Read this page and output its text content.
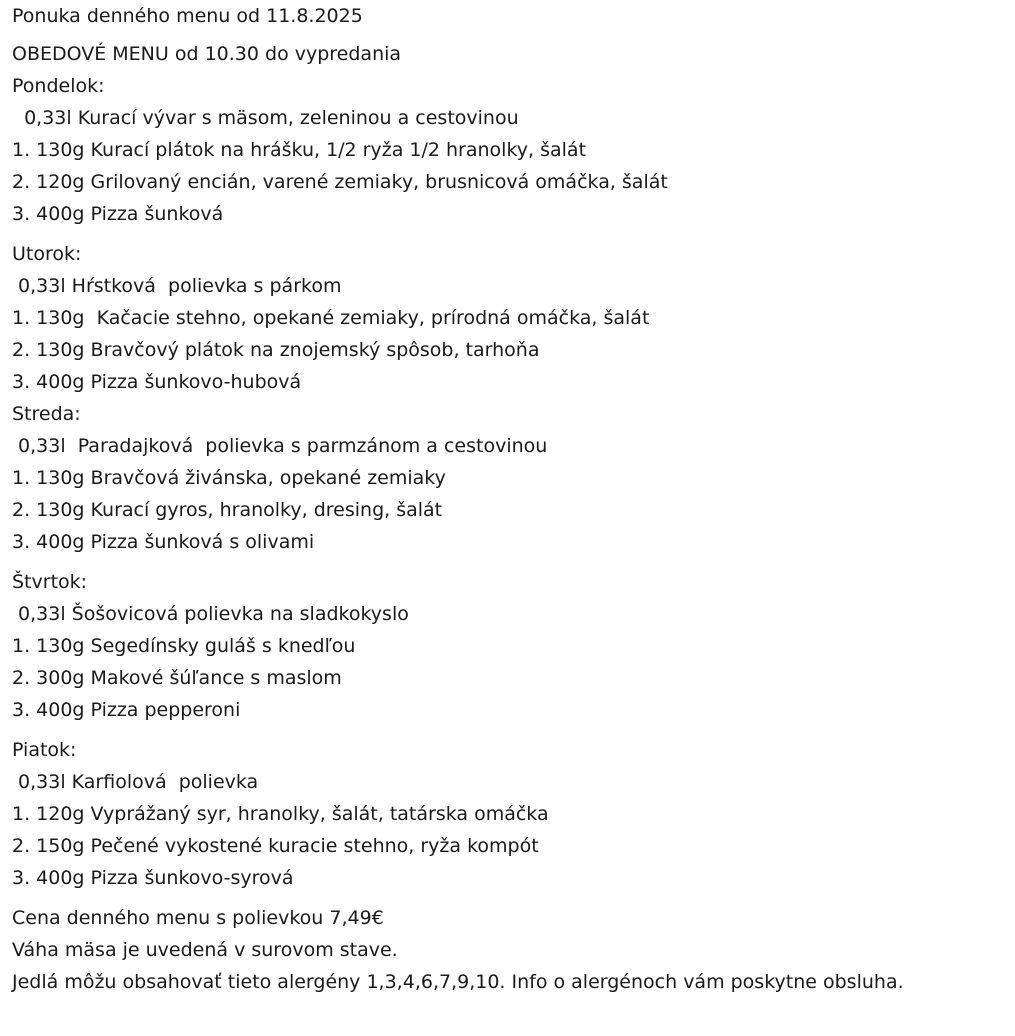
Ponuka denného menu od 11.8.2025
OBEDOVÉ MENU od 10.30 do vypredania
Pondelok:
0,33l Kurací vývar s mäsom, zeleninou a cestovinou
1. 130g Kurací plátok na hrášku, 1/2 ryža 1/2 hranolky, šalát
2. 120g Grilovaný encián, varené zemiaky, brusnicová omáčka, šalát
3. 400g Pizza šunková
Utorok:
0,33l Hŕstková  polievka s párkom
1. 130g  Kačacie stehno, opekané zemiaky, prírodná omáčka, šalát
2. 130g Bravčový plátok na znojemský spôsob, tarhoňa
3. 400g Pizza šunkovo-hubová
Streda:
0,33l  Paradajková  polievka s parmzánom a cestovinou
1. 130g Bravčová živánska, opekané zemiaky
2. 130g Kurací gyros, hranolky, dresing, šalát
3. 400g Pizza šunková s olivami
Štvrtok:
0,33l Šošovicová polievka na sladkokyslo
1. 130g Segedínsky guláš s knedľou
2. 300g Makové šúľance s maslom
3. 400g Pizza pepperoni
Piatok:
0,33l Karfiolová  polievka
1. 120g Vyprážaný syr, hranolky, šalát, tatárska omáčka
2. 150g Pečené vykostené kuracie stehno, ryža kompót
3. 400g Pizza šunkovo-syrová
Cena denného menu s polievkou 7,49€
Váha mäsa je uvedená v surovom stave.
Jedlá môžu obsahovať tieto alergény 1,3,4,6,7,9,10. Info o alergénoch vám poskytne obsluha.
